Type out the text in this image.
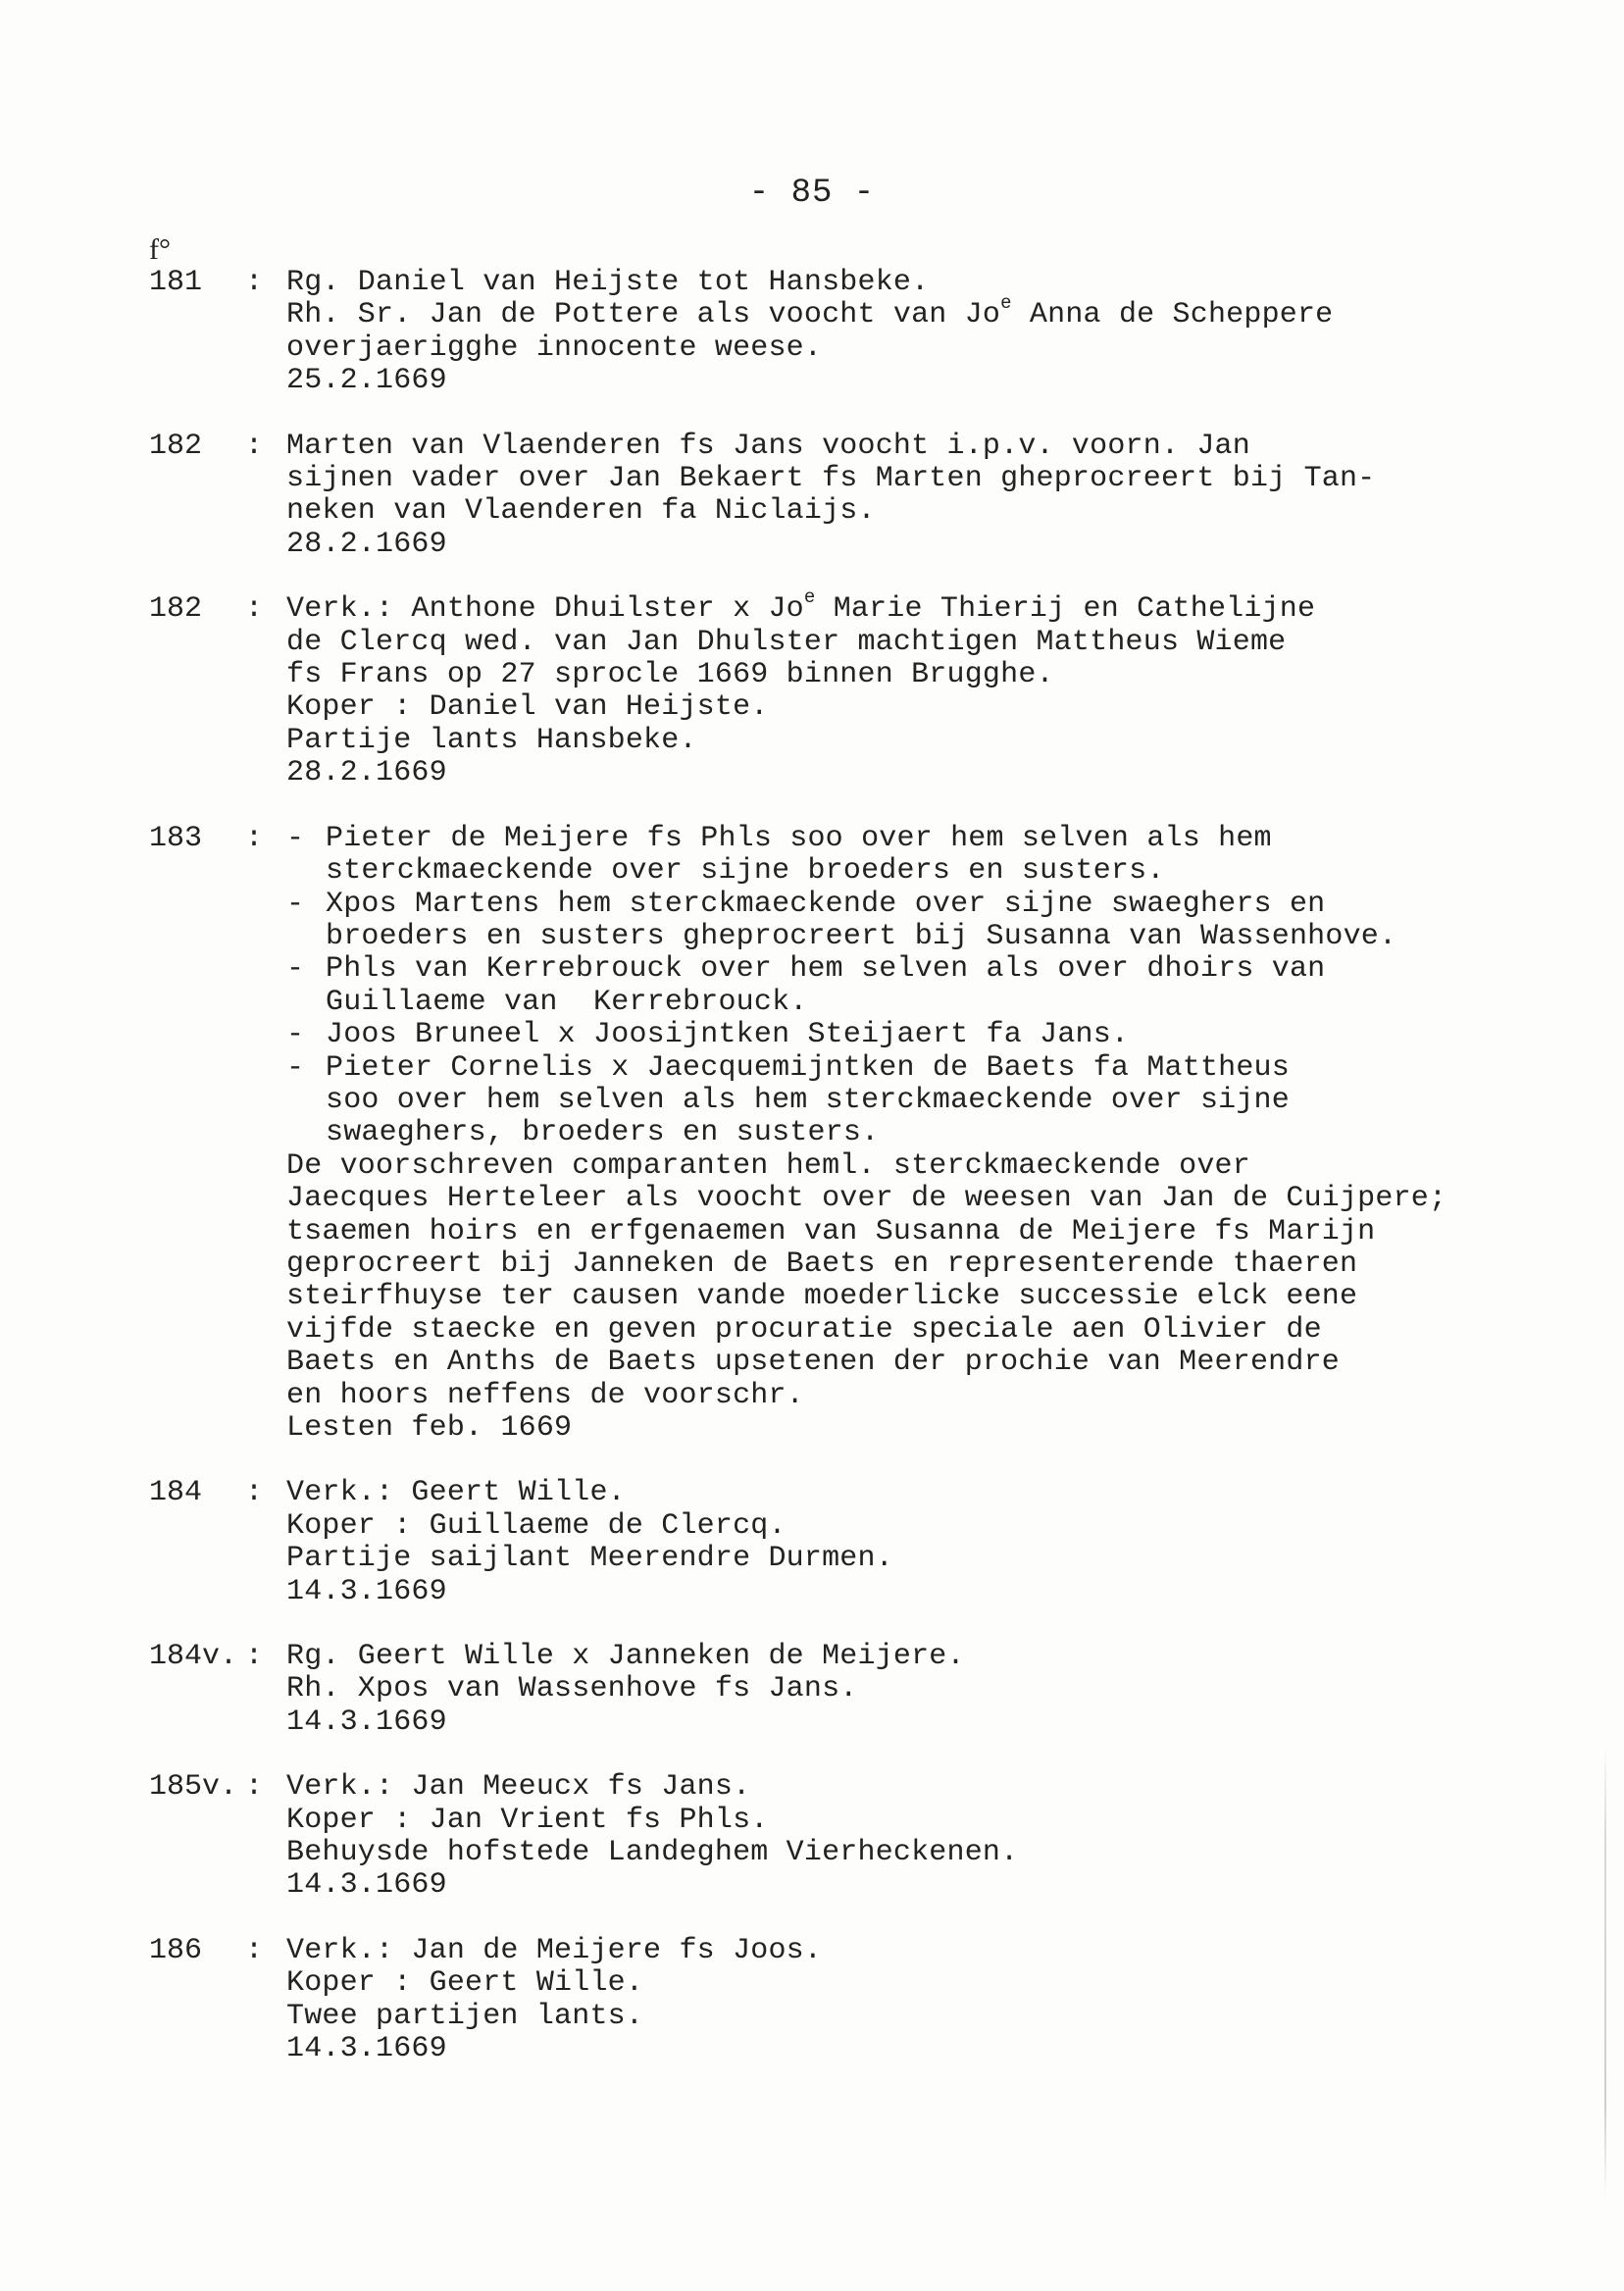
- 85 -
f°
181	: Rg. Daniel van Heijste tot Hansbeke.
Rh. Sr. Jan de Pottere als voocht van Jo$^e$ Anna de Scheppere
overjaerigghe innocente weese.
25.2.1669
182	: Marten van Vlaenderen fs Jans voocht i.p.v. voorn. Jan
sijnen vader over Jan Bekaert fs Marten gheprocreert bij Tan-
neken van Vlaenderen fa Niclaijs.
28.2.1669
182	: Verk.: Anthone Dhuilster x Jo$^e$ Marie Thierij en Cathelijne
de Clercq wed. van Jan Dhulster machtigen Mattheus Wieme
fs Frans op 27 sprocle 1669 binnen Brugghe.
Koper : Daniel van Heijste.
Partije lants Hansbeke.
28.2.1669
183	: - Pieter de Meijere fs Phls soo over hem selven als hem
sterckmaeckende over sijne broeders en susters.
- Xpos Martens hem sterckmaeckende over sijne swaeghers en
broeders en susters gheprocreert bij Susanna van Wassenhove.
- Phls van Kerrebrouck over hem selven als over dhoirs van
Guillaeme van  Kerrebrouck.
- Joos Bruneel x Joosijntken Steijaert fa Jans.
- Pieter Cornelis x Jaecquemijntken de Baets fa Mattheus
soo over hem selven als hem sterckmaeckende over sijne
swaeghers, broeders en susters.
De voorschreven comparanten heml. sterckmaeckende over
Jaecques Herteleer als voocht over de weesen van Jan de Cuijpere;
tsaemen hoirs en erfgenaemen van Susanna de Meijere fs Marijn
geprocreert bij Janneken de Baets en representerende thaeren
steirfhuyse ter causen vande moederlicke successie elck eene
vijfde staecke en geven procuratie speciale aen Olivier de
Baets en Anths de Baets upsetenen der prochie van Meerendre
en hoors neffens de voorschr.
Lesten feb. 1669
184	: Verk.: Geert Wille.
Koper : Guillaeme de Clercq.
Partije saijlant Meerendre Durmen.
14.3.1669
184v. : Rg. Geert Wille x Janneken de Meijere.
Rh. Xpos van Wassenhove fs Jans.
14.3.1669
185v. : Verk.: Jan Meeucx fs Jans.
Koper : Jan Vrient fs Phls.
Behuysde hofstede Landeghem Vierheckenen.
14.3.1669
186	: Verk.: Jan de Meijere fs Joos.
Koper : Geert Wille.
Twee partijen lants.
14.3.1669
